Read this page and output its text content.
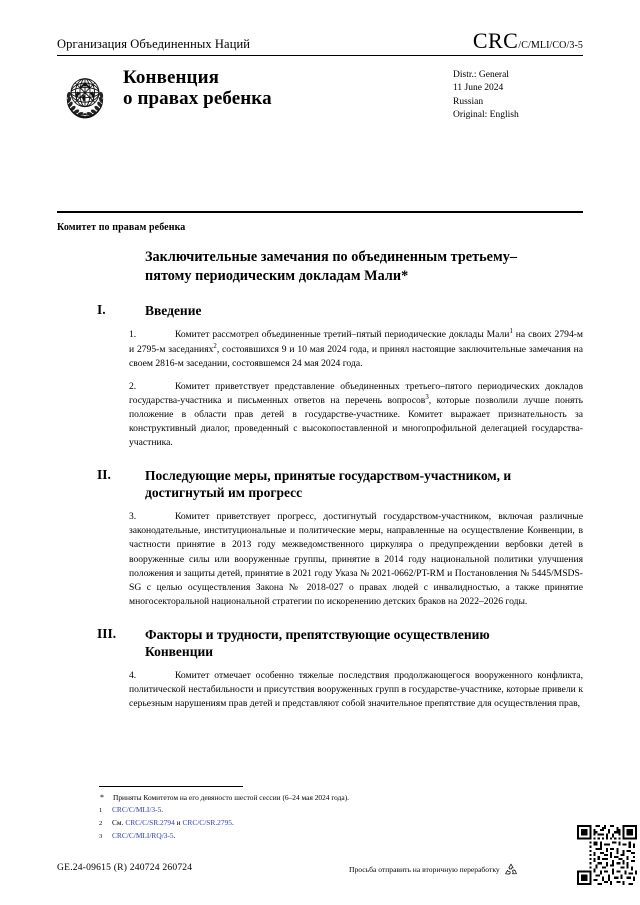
Организация Объединенных Наций	CRC/C/MLI/CO/3-5
Конвенция
о правах ребенка
Distr.: General
11 June 2024
Russian
Original: English
Комитет по правам ребенка
Заключительные замечания по объединенным третьему–пятому периодическим докладам Мали*
I.	Введение
1.	Комитет рассмотрел объединенные третий–пятый периодические доклады Мали$^1$ на своих 2794-м и 2795-м заседаниях$^2$, состоявшихся 9 и 10 мая 2024 года, и принял настоящие заключительные замечания на своем 2816-м заседании, состоявшемся 24 мая 2024 года.
2.	Комитет приветствует представление объединенных третьего–пятого периодических докладов государства-участника и письменных ответов на перечень вопросов$^3$, которые позволили лучше понять положение в области прав детей в государстве-участнике. Комитет выражает признательность за конструктивный диалог, проведенный с высокопоставленной и многопрофильной делегацией государства-участника.
II.	Последующие меры, принятые государством-участником, и достигнутый им прогресс
3.	Комитет приветствует прогресс, достигнутый государством-участником, включая различные законодательные, институциональные и политические меры, направленные на осуществление Конвенции, в частности принятие в 2013 году межведомственного циркуляра о предупреждении вербовки детей в вооруженные силы или вооруженные группы, принятие в 2014 году национальной политики улучшения положения и защиты детей, принятие в 2021 году Указа № 2021-0662/PT-RM и Постановления № 5445/MSDS-SG с целью осуществления Закона № 2018-027 о правах людей с инвалидностью, а также принятие многосекторальной национальной стратегии по искоренению детских браков на 2022–2026 годы.
III.	Факторы и трудности, препятствующие осуществлению Конвенции
4.	Комитет отмечает особенно тяжелые последствия продолжающегося вооруженного конфликта, политической нестабильности и присутствия вооруженных групп в государстве-участнике, которые привели к серьезным нарушениям прав детей и представляют собой значительное препятствие для осуществления прав,
*	Приняты Комитетом на его девяносто шестой сессии (6–24 мая 2024 года).
1	CRC/C/MLI/3-5.
2	См. CRC/C/SR.2794 и CRC/C/SR.2795.
3	CRC/C/MLI/RQ/3-5.
GE.24-09615 (R) 240724 260724	Просьба отправить на вторичную переработку
